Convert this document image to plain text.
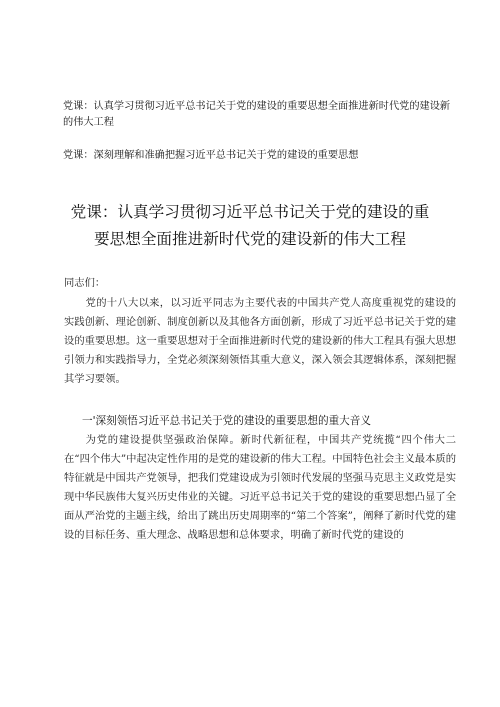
党课：认真学习贯彻习近平总书记关于党的建设的重要思想全面推进新时代党的建设新的伟大工程
党课：深刻理解和准确把握习近平总书记关于党的建设的重要思想
党课：认真学习贯彻习近平总书记关于党的建设的重要思想全面推进新时代党的建设新的伟大工程
同志们：
党的十八大以来，以习近平同志为主要代表的中国共产党人高度重视党的建设的实践创新、理论创新、制度创新以及其他各方面创新，形成了习近平总书记关于党的建设的重要思想。这一重要思想对于全面推进新时代党的建设新的伟大工程具有强大思想引领力和实践指导力，全党必须深刻领悟其重大意义，深入领会其逻辑体系，深刻把握其学习要领。
一'深刻领悟习近平总书记关于党的建设的重要思想的重大音义
为党的建设提供坚强政治保障。新时代新征程，中国共产党统揽“四个伟大二在“四个伟大”中起决定性作用的是党的建设新的伟大工程。中国特色社会主义最本质的特征就是中国共产党领导，把我们党建设成为引领时代发展的坚强马克思主义政党是实现中华民族伟大复兴历史伟业的关键。习近平总书记关于党的建设的重要思想凸显了全面从严治党的主题主线，给出了跳出历史周期率的“第二个答案”，阐释了新时代党的建设的目标任务、重大理念、战略思想和总体要求，明确了新时代党的建设的
